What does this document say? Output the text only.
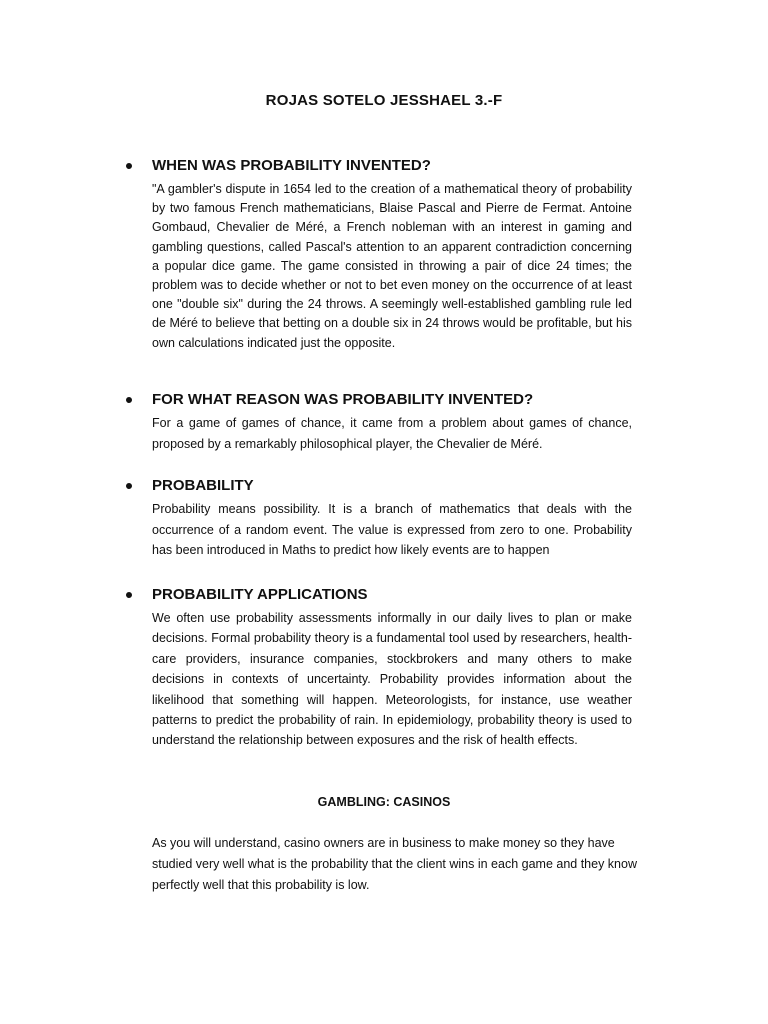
ROJAS SOTELO JESSHAEL 3.-F
WHEN WAS PROBABILITY INVENTED?

"A gambler's dispute in 1654 led to the creation of a mathematical theory of probability by two famous French mathematicians, Blaise Pascal and Pierre de Fermat. Antoine Gombaud, Chevalier de Méré, a French nobleman with an interest in gaming and gambling questions, called Pascal's attention to an apparent contradiction concerning a popular dice game. The game consisted in throwing a pair of dice 24 times; the problem was to decide whether or not to bet even money on the occurrence of at least one "double six" during the 24 throws. A seemingly well-established gambling rule led de Méré to believe that betting on a double six in 24 throws would be profitable, but his own calculations indicated just the opposite.

FOR WHAT REASON WAS PROBABILITY INVENTED?

For a game of games of chance, it came from a problem about games of chance, proposed by a remarkably philosophical player, the Chevalier de Méré.

PROBABILITY

Probability means possibility. It is a branch of mathematics that deals with the occurrence of a random event. The value is expressed from zero to one. Probability has been introduced in Maths to predict how likely events are to happen

PROBABILITY APPLICATIONS

We often use probability assessments informally in our daily lives to plan or make decisions. Formal probability theory is a fundamental tool used by researchers, health-care providers, insurance companies, stockbrokers and many others to make decisions in contexts of uncertainty. Probability provides information about the likelihood that something will happen. Meteorologists, for instance, use weather patterns to predict the probability of rain. In epidemiology, probability theory is used to understand the relationship between exposures and the risk of health effects.

GAMBLING: CASINOS

As you will understand, casino owners are in business to make money so they have studied very well what is the probability that the client wins in each game and they know perfectly well that this probability is low.
